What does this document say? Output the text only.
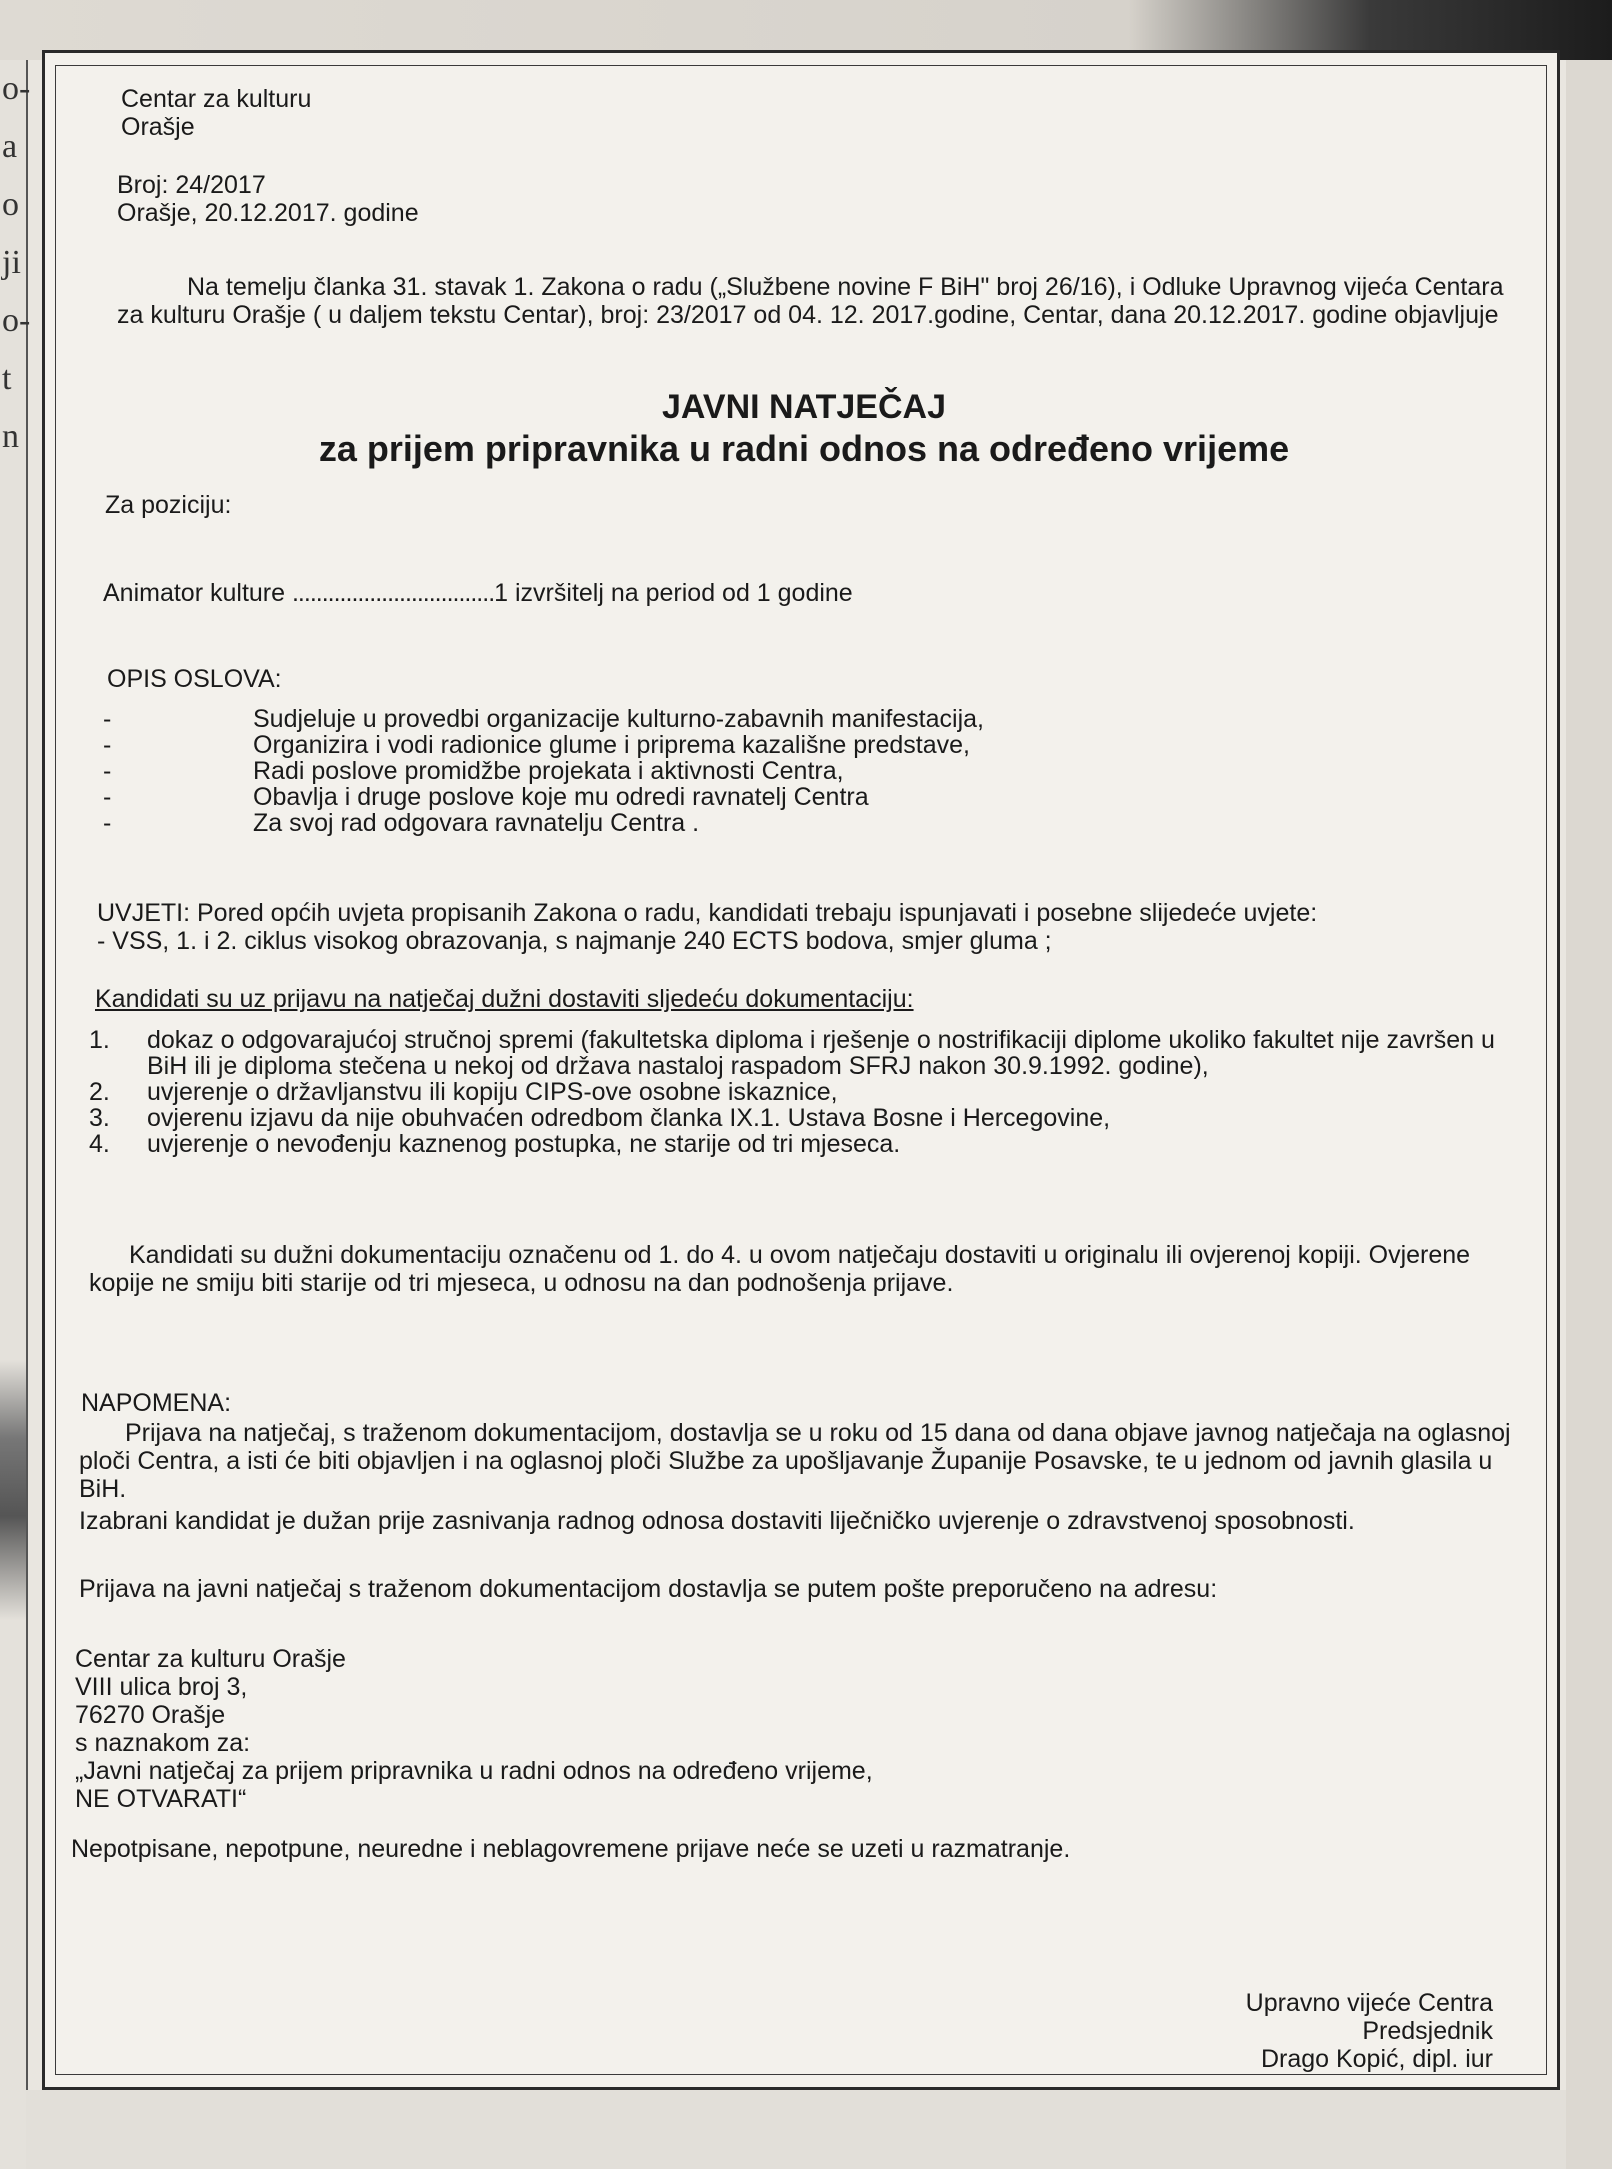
o-
a
o
ji
o-
t
n
Centar za kulturu
Orašje
Broj: 24/2017
Orašje, 20.12.2017. godine
Na temelju članka 31. stavak 1. Zakona o radu („Službene novine F BiH" broj 26/16), i Odluke Upravnog vijeća Centara
za kulturu Orašje ( u daljem tekstu Centar), broj: 23/2017 od 04. 12. 2017.godine, Centar, dana 20.12.2017. godine objavljuje
JAVNI NATJEČAJ
za prijem pripravnika u radni odnos na određeno vrijeme
Za poziciju:
Animator kulture ..................................1 izvršitelj na period od 1 godine
OPIS OSLOVA:
-	Sudjeluje u provedbi organizacije kulturno-zabavnih manifestacija,
-	Organizira i vodi radionice glume i priprema kazališne predstave,
-	Radi poslove promidžbe projekata i aktivnosti Centra,
-	Obavlja i druge poslove koje mu odredi ravnatelj Centra
-	Za svoj rad odgovara ravnatelju Centra .
UVJETI: Pored općih uvjeta propisanih Zakona o radu, kandidati trebaju ispunjavati i posebne slijedeće uvjete:
- VSS, 1. i 2. ciklus visokog obrazovanja, s najmanje 240 ECTS bodova, smjer gluma ;
Kandidati su uz prijavu na natječaj dužni dostaviti sljedeću dokumentaciju:
1. dokaz o odgovarajućoj stručnoj spremi (fakultetska diploma i rješenje o nostrifikaciji diplome ukoliko fakultet nije završen u BiH ili je diploma stečena u nekoj od država nastaloj raspadom SFRJ nakon 30.9.1992. godine),
2. uvjerenje o državljanstvu ili kopiju CIPS-ove osobne iskaznice,
3. ovjerenu izjavu da nije obuhvaćen odredbom članka IX.1. Ustava Bosne i Hercegovine,
4. uvjerenje o nevođenju kaznenog postupka, ne starije od tri mjeseca.
Kandidati su dužni dokumentaciju označenu od 1. do 4. u ovom natječaju dostaviti u originalu ili ovjerenoj kopiji. Ovjerene
kopije ne smiju biti starije od tri mjeseca, u odnosu na dan podnošenja prijave.
NAPOMENA:
Prijava na natječaj, s traženom dokumentacijom, dostavlja se u roku od 15 dana od dana objave javnog natječaja na oglasnoj ploči Centra, a isti će biti objavljen i na oglasnoj ploči Službe za upošljavanje Županije Posavske, te u jednom od javnih glasila u BiH.
Izabrani kandidat je dužan prije zasnivanja radnog odnosa dostaviti liječničko uvjerenje o zdravstvenoj sposobnosti.
Prijava na javni natječaj s traženom dokumentacijom dostavlja se putem pošte preporučeno na adresu:
Centar za kulturu Orašje
VIII ulica broj 3,
76270 Orašje
s naznakom za:
„Javni natječaj za prijem pripravnika u radni odnos na određeno vrijeme,
NE OTVARATI“
Nepotpisane, nepotpune, neuredne i neblagovremene prijave neće se uzeti u razmatranje.
Upravno vijeće Centra
Predsjednik
Drago Kopić, dipl. iur
